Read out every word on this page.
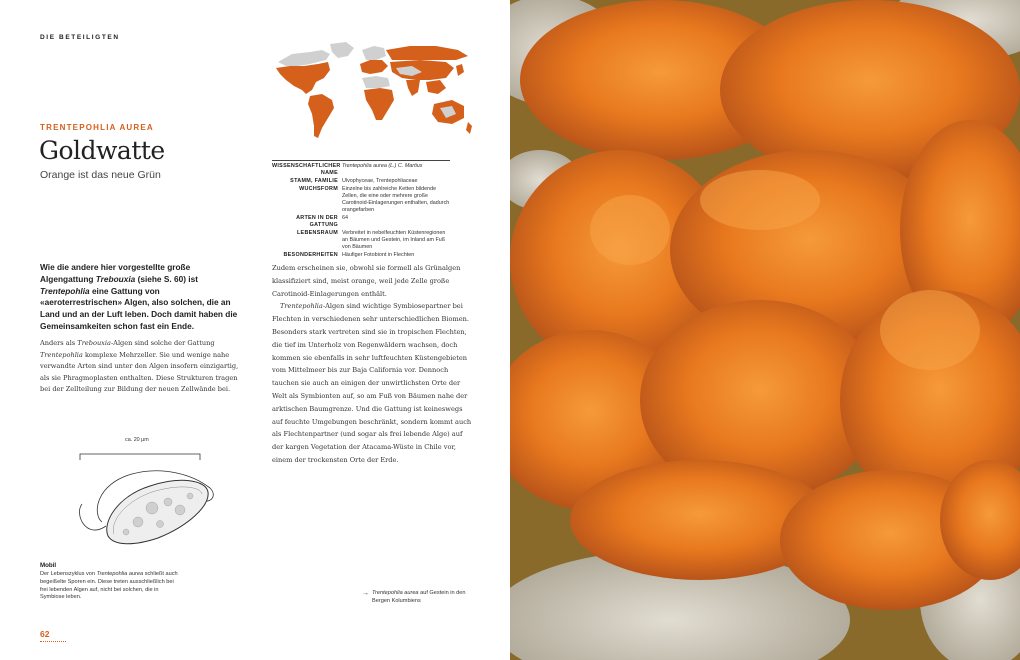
DIE BETEILIGTEN
TRENTEPOHLIA AUREA
Goldwatte
Orange ist das neue Grün
WISSENSCHAFTLICHER NAME
Trentepohlia aurea (L.) C. Martius
STAMM, FAMILIE Ulvophyceae, Trentepohliaceae
WUCHSFORM Einzelne bis zahlreiche Ketten bildende Zellen, die eine oder mehrere große Carotinoid-Einlagerungen enthalten, dadurch orangefarben
ARTEN IN DER GATTUNG
64
LEBENSRAUM Verbreitet in nebelfeuchten Küstenregionen an Bäumen und Gestein, im Inland am Fuß von Bäumen
BESONDERHEITEN Häufiger Fotobiont in Flechten
Wie die andere hier vorgestellte große Algengattung Trebouxia (siehe S. 60) ist Trentepohlia eine Gattung von «aeroterrestrischen» Algen, also solchen, die an Land und an der Luft leben. Doch damit haben die Gemeinsamkeiten schon fast ein Ende.
Anders als Trebouxia-Algen sind solche der Gattung Trentepohlia komplexe Mehrzeller. Sie und wenige nahe verwandte Arten sind unter den Algen insofern einzigartig, als sie Phragmoplasten enthalten. Diese Strukturen tragen bei der Zellteilung zur Bildung der neuen Zellwände bei.

Zudem erscheinen sie, obwohl sie formell als Grünalgen klassifiziert sind, meist orange, weil jede Zelle große Carotinoid-Einlagerungen enthält.

Trentepohlia-Algen sind wichtige Symbiosepartner bei Flechten in verschiedenen sehr unterschiedlichen Biomen. Besonders stark vertreten sind sie in tropischen Flechten, die tief im Unterholz von Regenwäldern wachsen, doch kommen sie ebenfalls in sehr luftfeuchten Küstengebieten vom Mittelmeer bis zur Baja California vor. Dennoch tauchen sie auch an einigen der unwirtlichsten Orte der Welt als Symbionten auf, so am Fuß von Bäumen nahe der arktischen Baumgrenze. Und die Gattung ist keineswegs auf feuchte Umgebungen beschränkt, sondern kommt auch als Flechtenpartner (und sogar als frei lebende Alge) auf der kargen Vegetation der Atacama-Wüste in Chile vor, einem der trockensten Orte der Erde.

ca. 20 µm
Mobil
Der Lebenszyklus von Trentepohlia aurea schließt auch begeißelte Sporen ein. Diese treten ausschließlich bei frei lebenden Algen auf, nicht bei solchen, die in Symbiose leben.
→ Trentepohlia aurea auf Gestein in den Bergen Kolumbiens
62
